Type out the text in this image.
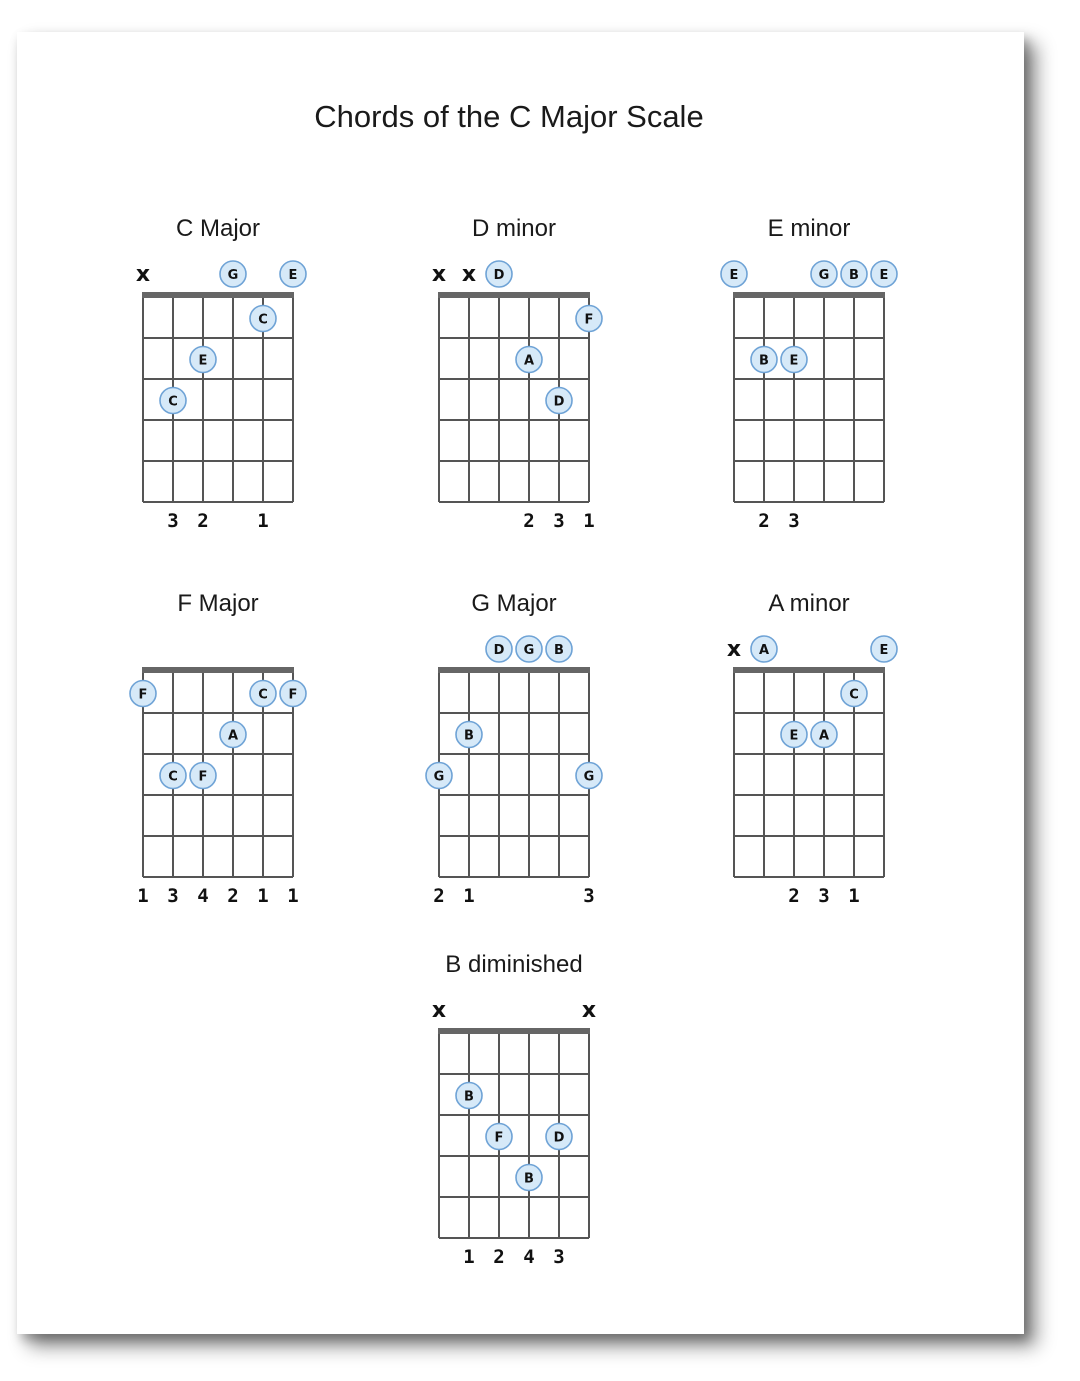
Chords of the C Major Scale
C Major
x	G	E
C
E
C
3 2	1
D minor
x x D
F
A
D
2 3 1
E minor
E	G B E
B E
2 3
F Major
F	C F
A
C F
1 3 4 2 1 1
G Major
D G B
B
G	G
2 1	3
A minor
x A	E
C
E A
2 3 1
B diminished
x	x
B
F	D
B
1 2 4 3
